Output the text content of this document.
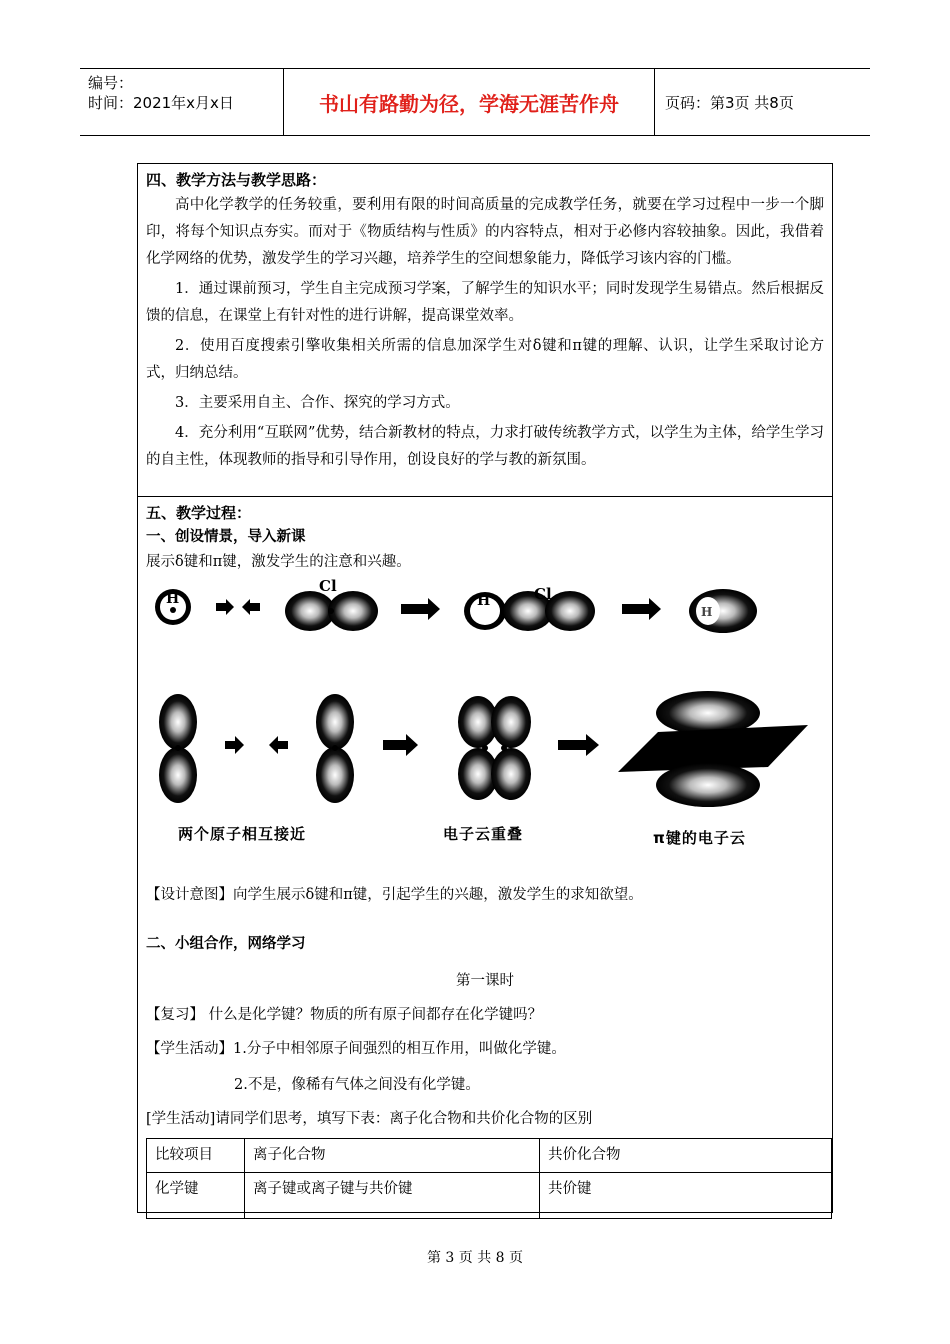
编号：
时间：2021年x月x日	书山有路勤为径，学海无涯苦作舟	页码：第3页 共8页
四、教学方法与教学思路：
高中化学教学的任务较重，要利用有限的时间高质量的完成教学任务，就要在学习过程中一步一个脚印，将每个知识点夯实。而对于《物质结构与性质》的内容特点，相对于必修内容较抽象。因此，我借着化学网络的优势，激发学生的学习兴趣，培养学生的空间想象能力，降低学习该内容的门槛。
1．通过课前预习，学生自主完成预习学案，了解学生的知识水平；同时发现学生易错点。然后根据反馈的信息，在课堂上有针对性的进行讲解，提高课堂效率。
2．使用百度搜索引擎收集相关所需的信息加深学生对δ键和π键的理解、认识，让学生采取讨论方式，归纳总结。
3．主要采用自主、合作、探究的学习方式。
4．充分利用“互联网”优势，结合新教材的特点，力求打破传统教学方式，以学生为主体，给学生学习的自主性，体现教师的指导和引导作用，创设良好的学与教的新氛围。
五、教学过程：
一、创设情景，导入新课
展示δ键和π键，激发学生的注意和兴趣。
H
Cl
H	Cl
H
两个原子相互接近	电子云重叠	π键的电子云
【设计意图】向学生展示δ键和π键，引起学生的兴趣，激发学生的求知欲望。
二、小组合作，网络学习
第一课时
【复习】 什么是化学键？物质的所有原子间都存在化学键吗？
【学生活动】1.分子中相邻原子间强烈的相互作用，叫做化学键。
2.不是，像稀有气体之间没有化学键。
[学生活动]请同学们思考，填写下表：离子化合物和共价化合物的区别
比较项目	离子化合物	共价化合物
化学键	离子键或离子键与共价键	共价键
第 3 页 共 8 页
